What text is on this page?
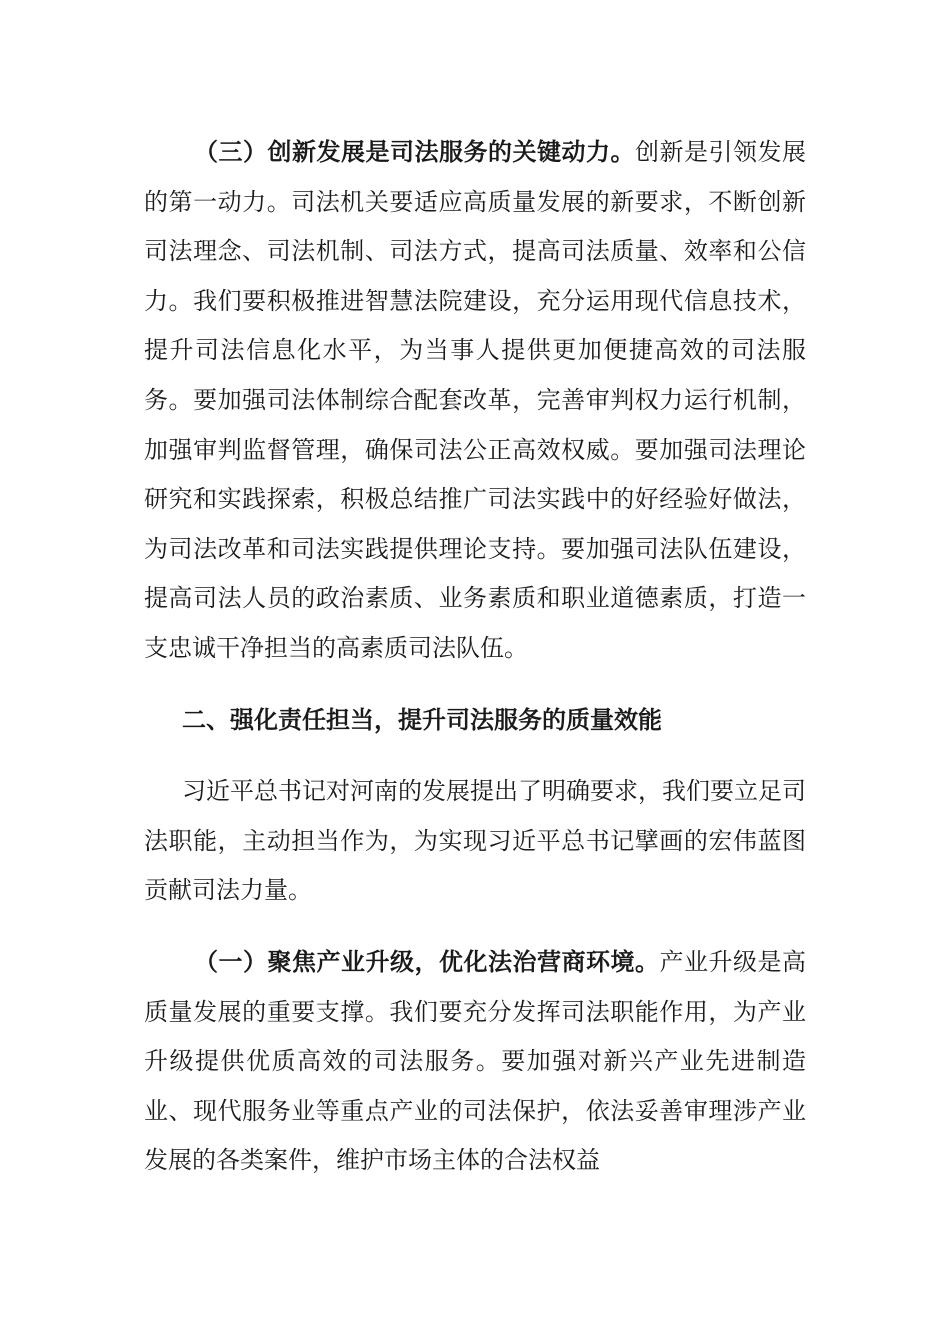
（三）创新发展是司法服务的关键动力。创新是引领发展的第一动力。司法机关要适应高质量发展的新要求，不断创新司法理念、司法机制、司法方式，提高司法质量、效率和公信力。我们要积极推进智慧法院建设，充分运用现代信息技术，提升司法信息化水平，为当事人提供更加便捷高效的司法服务。要加强司法体制综合配套改革，完善审判权力运行机制，加强审判监督管理，确保司法公正高效权威。要加强司法理论研究和实践探索，积极总结推广司法实践中的好经验好做法，为司法改革和司法实践提供理论支持。要加强司法队伍建设，提高司法人员的政治素质、业务素质和职业道德素质，打造一支忠诚干净担当的高素质司法队伍。

二、强化责任担当，提升司法服务的质量效能

习近平总书记对河南的发展提出了明确要求，我们要立足司法职能，主动担当作为，为实现习近平总书记擘画的宏伟蓝图贡献司法力量。

（一）聚焦产业升级，优化法治营商环境。产业升级是高质量发展的重要支撑。我们要充分发挥司法职能作用，为产业升级提供优质高效的司法服务。要加强对新兴产业先进制造业、现代服务业等重点产业的司法保护，依法妥善审理涉产业发展的各类案件，维护市场主体的合法权益
